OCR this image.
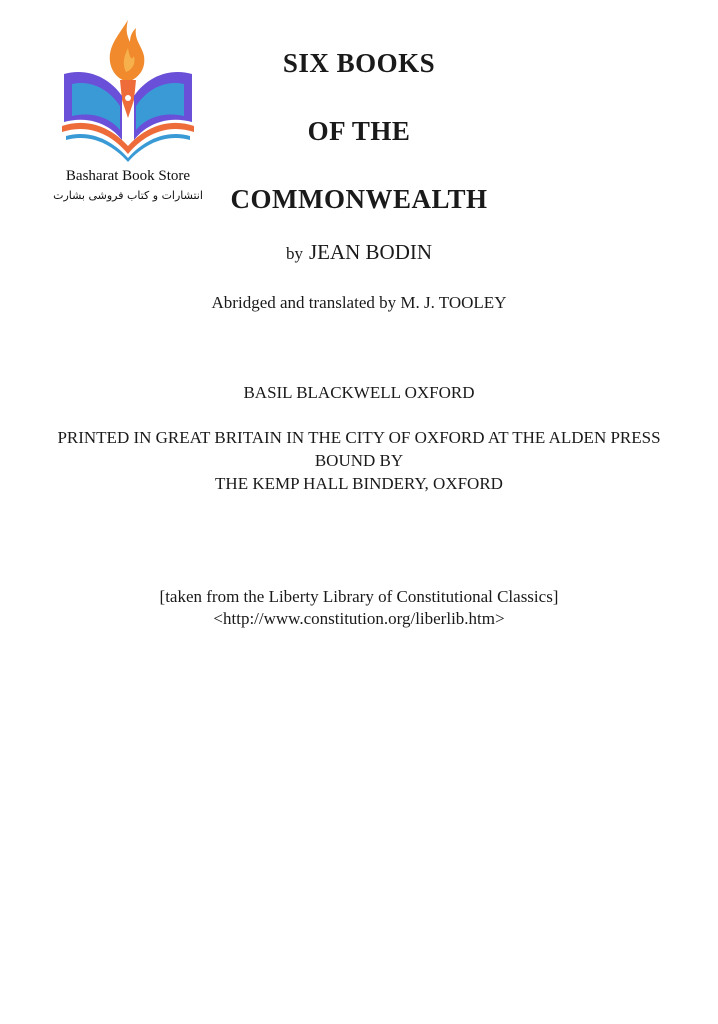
Basharat Book Store
انتشارات و کتاب فروشی بشارت
SIX BOOKS
OF THE
COMMONWEALTH
by JEAN BODIN
Abridged and translated by M. J. TOOLEY
BASIL BLACKWELL OXFORD
PRINTED IN GREAT BRITAIN IN THE CITY OF OXFORD AT THE ALDEN PRESS
BOUND BY
THE KEMP HALL BINDERY, OXFORD
[taken from the Liberty Library of Constitutional Classics]
<http://www.constitution.org/liberlib.htm>
